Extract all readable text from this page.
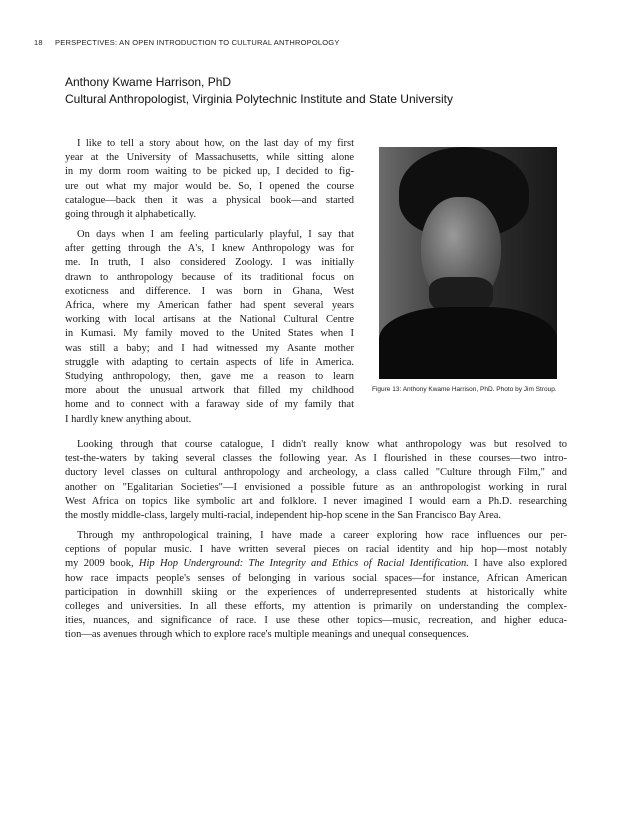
18 PERSPECTIVES: AN OPEN INTRODUCTION TO CULTURAL ANTHROPOLOGY
Anthony Kwame Harrison, PhD
Cultural Anthropologist, Virginia Polytechnic Institute and State University
Figure 13: Anthony Kwame Harrison, PhD. Photo by Jim Stroup.
I like to tell a story about how, on the last day of my first
year at the University of Massachusetts, while sitting alone
in my dorm room waiting to be picked up, I decided to fig-
ure out what my major would be. So, I opened the course
catalogue—back then it was a physical book—and started
going through it alphabetically.
On days when I am feeling particularly playful, I say that
after getting through the A's, I knew Anthropology was for
me. In truth, I also considered Zoology. I was initially
drawn to anthropology because of its traditional focus on
exoticness and difference. I was born in Ghana, West
Africa, where my American father had spent several years
working with local artisans at the National Cultural Centre
in Kumasi. My family moved to the United States when I
was still a baby; and I had witnessed my Asante mother
struggle with adapting to certain aspects of life in America.
Studying anthropology, then, gave me a reason to learn
more about the unusual artwork that filled my childhood
home and to connect with a faraway side of my family that
I hardly knew anything about.
Looking through that course catalogue, I didn't really know what anthropology was but resolved to
test-the-waters by taking several classes the following year. As I flourished in these courses—two intro-
ductory level classes on cultural anthropology and archeology, a class called "Culture through Film," and
another on "Egalitarian Societies"—I envisioned a possible future as an anthropologist working in rural
West Africa on topics like symbolic art and folklore. I never imagined I would earn a Ph.D. researching
the mostly middle-class, largely multi-racial, independent hip-hop scene in the San Francisco Bay Area.
Through my anthropological training, I have made a career exploring how race influences our per-
ceptions of popular music. I have written several pieces on racial identity and hip hop—most notably
my 2009 book, Hip Hop Underground: The Integrity and Ethics of Racial Identification. I have also explored
how race impacts people's senses of belonging in various social spaces—for instance, African American
participation in downhill skiing or the experiences of underrepresented students at historically white
colleges and universities. In all these efforts, my attention is primarily on understanding the complex-
ities, nuances, and significance of race. I use these other topics—music, recreation, and higher educa-
tion—as avenues through which to explore race's multiple meanings and unequal consequences.
